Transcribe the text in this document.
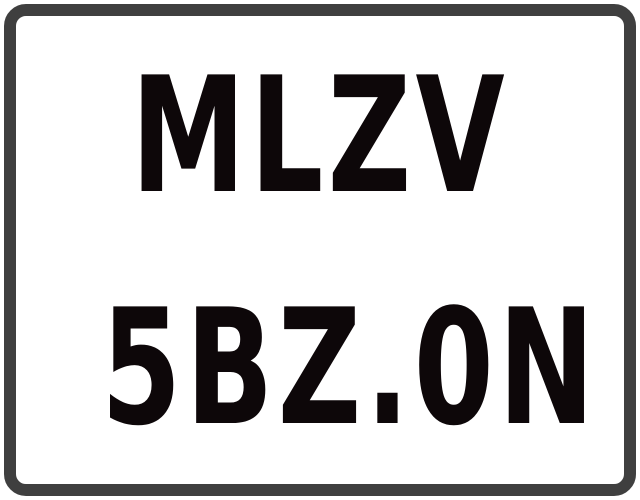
MLZV
5BZ.0N
